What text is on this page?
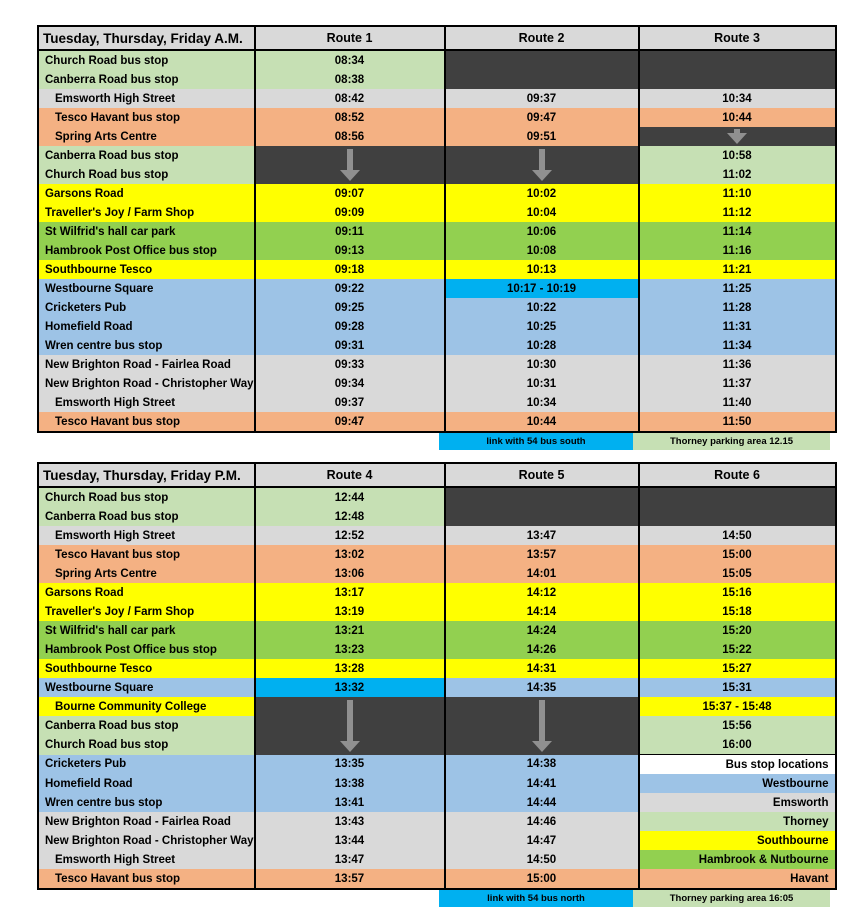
Tuesday, Thursday, Friday A.M.	Route 1	Route 2	Route 3
Church Road bus stop	08:34		
Canberra Road bus stop	08:38		
Emsworth High Street	08:42	09:37	10:34
Tesco Havant bus stop	08:52	09:47	10:44
Spring Arts Centre	08:56	09:51	

Canberra Road bus stop			10:58
Church Road bus stop			11:02
Garsons Road	09:07	10:02	11:10
Traveller's Joy / Farm Shop	09:09	10:04	11:12
St Wilfrid's hall car park	09:11	10:06	11:14
Hambrook Post Office bus stop	09:13	10:08	11:16
Southbourne Tesco	09:18	10:13	11:21
Westbourne Square	09:22	10:17 - 10:19	11:25
Cricketers Pub	09:25	10:22	11:28
Homefield Road	09:28	10:25	11:31
Wren centre bus stop	09:31	10:28	11:34
New Brighton Road - Fairlea Road	09:33	10:30	11:36
New Brighton Road - Christopher Way	09:34	10:31	11:37
Emsworth High Street	09:37	10:34	11:40
Tesco Havant bus stop	09:47	10:44	11:50
link with 54 bus south	Thorney parking area 12.15
Tuesday, Thursday, Friday P.M.	Route 4	Route 5	Route 6
Church Road bus stop	12:44		
Canberra Road bus stop	12:48		
Emsworth High Street	12:52	13:47	14:50
Tesco Havant bus stop	13:02	13:57	15:00
Spring Arts Centre	13:06	14:01	15:05
Garsons Road	13:17	14:12	15:16
Traveller's Joy / Farm Shop	13:19	14:14	15:18
St Wilfrid's hall car park	13:21	14:24	15:20
Hambrook Post Office bus stop	13:23	14:26	15:22
Southbourne Tesco	13:28	14:31	15:27
Westbourne Square	13:32	14:35	15:31
Bourne Community College			15:37 - 15:48
Canberra Road bus stop			15:56
Church Road bus stop			16:00
Cricketers Pub	13:35	14:38	Bus stop locations
Homefield Road	13:38	14:41	Westbourne
Wren centre bus stop	13:41	14:44	Emsworth
New Brighton Road - Fairlea Road	13:43	14:46	Thorney
New Brighton Road - Christopher Way	13:44	14:47	Southbourne
Emsworth High Street	13:47	14:50	Hambrook & Nutbourne
Tesco Havant bus stop	13:57	15:00	Havant
link with 54 bus north	Thorney parking area 16:05
